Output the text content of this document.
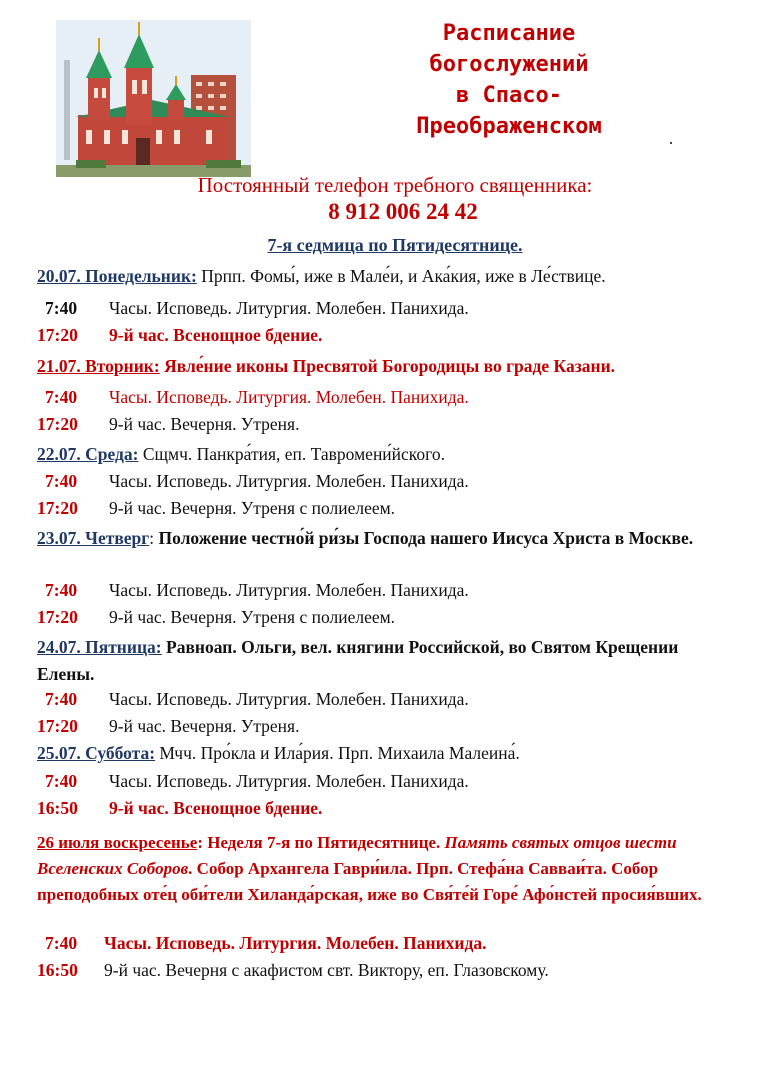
Расписание
богослужений
в Спасо-
Преображенском
Постоянный телефон требного священника:
8 912 006 24 42
7-я седмица по Пятидесятнице.
20.07. Понедельник: Прпп. Фомы́, иже в Мале́и, и Ака́кия, иже в Ле́ствице.
7:40 Часы. Исповедь. Литургия. Молебен. Панихида.
17:20 9-й час. Всенощное бдение.
21.07. Вторник: Явле́ние иконы Пресвятой Богородицы во граде Казани.
7:40 Часы. Исповедь. Литургия. Молебен. Панихида.
17:20 9-й час. Вечерня. Утреня.
22.07. Среда: Сщмч. Панкра́тия, еп. Тавромени́йского.
7:40 Часы. Исповедь. Литургия. Молебен. Панихида.
17:20 9-й час. Вечерня. Утреня с полиелеем.
23.07. Четверг: Положение честно́й ри́зы Господа нашего Иисуса Христа в Москве.
7:40 Часы. Исповедь. Литургия. Молебен. Панихида.
17:20 9-й час. Вечерня. Утреня с полиелеем.
24.07. Пятница: Равноап. Ольги, вел. княгини Российской, во Святом Крещении Елены.
7:40 Часы. Исповедь. Литургия. Молебен. Панихида.
17:20 9-й час. Вечерня. Утреня.
25.07. Суббота: Мчч. Про́кла и Ила́рия. Прп. Михаила Малеина́.
7:40 Часы. Исповедь. Литургия. Молебен. Панихида.
16:50 9-й час. Всенощное бдение.
26 июля воскресенье: Неделя 7-я по Пятидесятнице. Память святых отцов шести Вселенских Соборов. Собор Архангела Гаври́ила. Прп. Стефа́на Савваи́та. Собор преподобных оте́ц оби́тели Хиланда́рская, иже во Свя́те́й Горе́ Афо́нстей просия́вших.
7:40 Часы. Исповедь. Литургия. Молебен. Панихида.
16:50 9-й час. Вечерня с акафистом свт. Виктору, еп. Глазовскому.
